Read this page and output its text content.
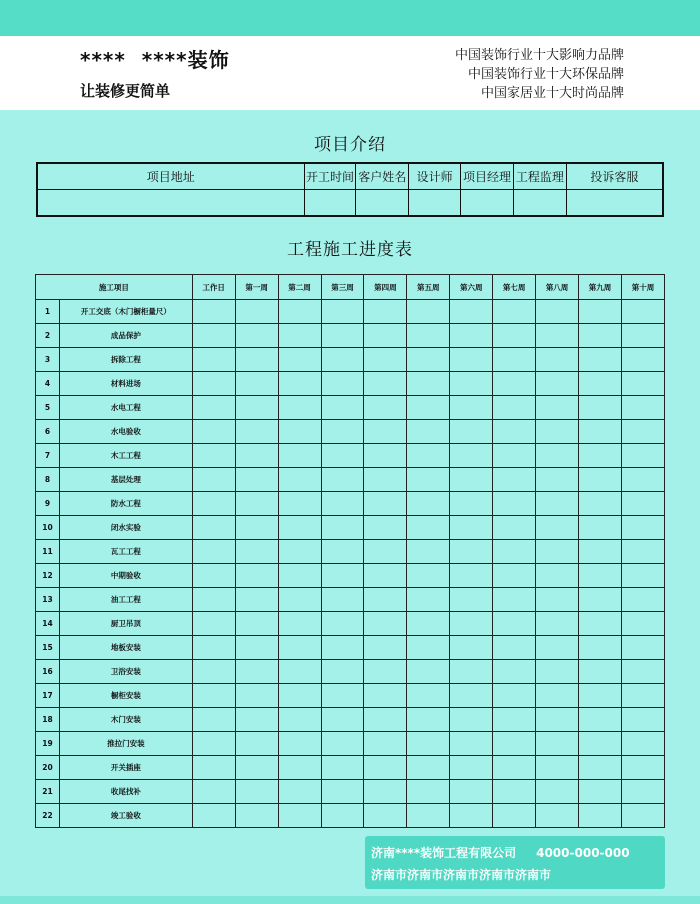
****  ****装饰
让装修更简单
中国装饰行业十大影响力品牌
中国装饰行业十大环保品牌
中国家居业十大时尚品牌
项目介绍
项目地址	开工时间	客户姓名	设计师	项目经理	工程监理	投诉客服

工程施工进度表
施工项目		工作日	第一周	第二周	第三周	第四周	第五周	第六周	第七周	第八周	第九周	第十周
1	开工交底（木门橱柜量尺）											
2	成品保护											
3	拆除工程											
4	材料进场											
5	水电工程											
6	水电验收											
7	木工工程											
8	基层处理											
9	防水工程											
10	闭水实验											
11	瓦工工程											
12	中期验收											
13	油工工程											
14	厨卫吊顶											
15	地板安装											
16	卫浴安装											
17	橱柜安装											
18	木门安装											
19	推拉门安装											
20	开关插座											
21	收尾找补											
22	竣工验收											
济南****装饰工程有限公司 4000-000-000
济南市济南市济南市济南市济南市
